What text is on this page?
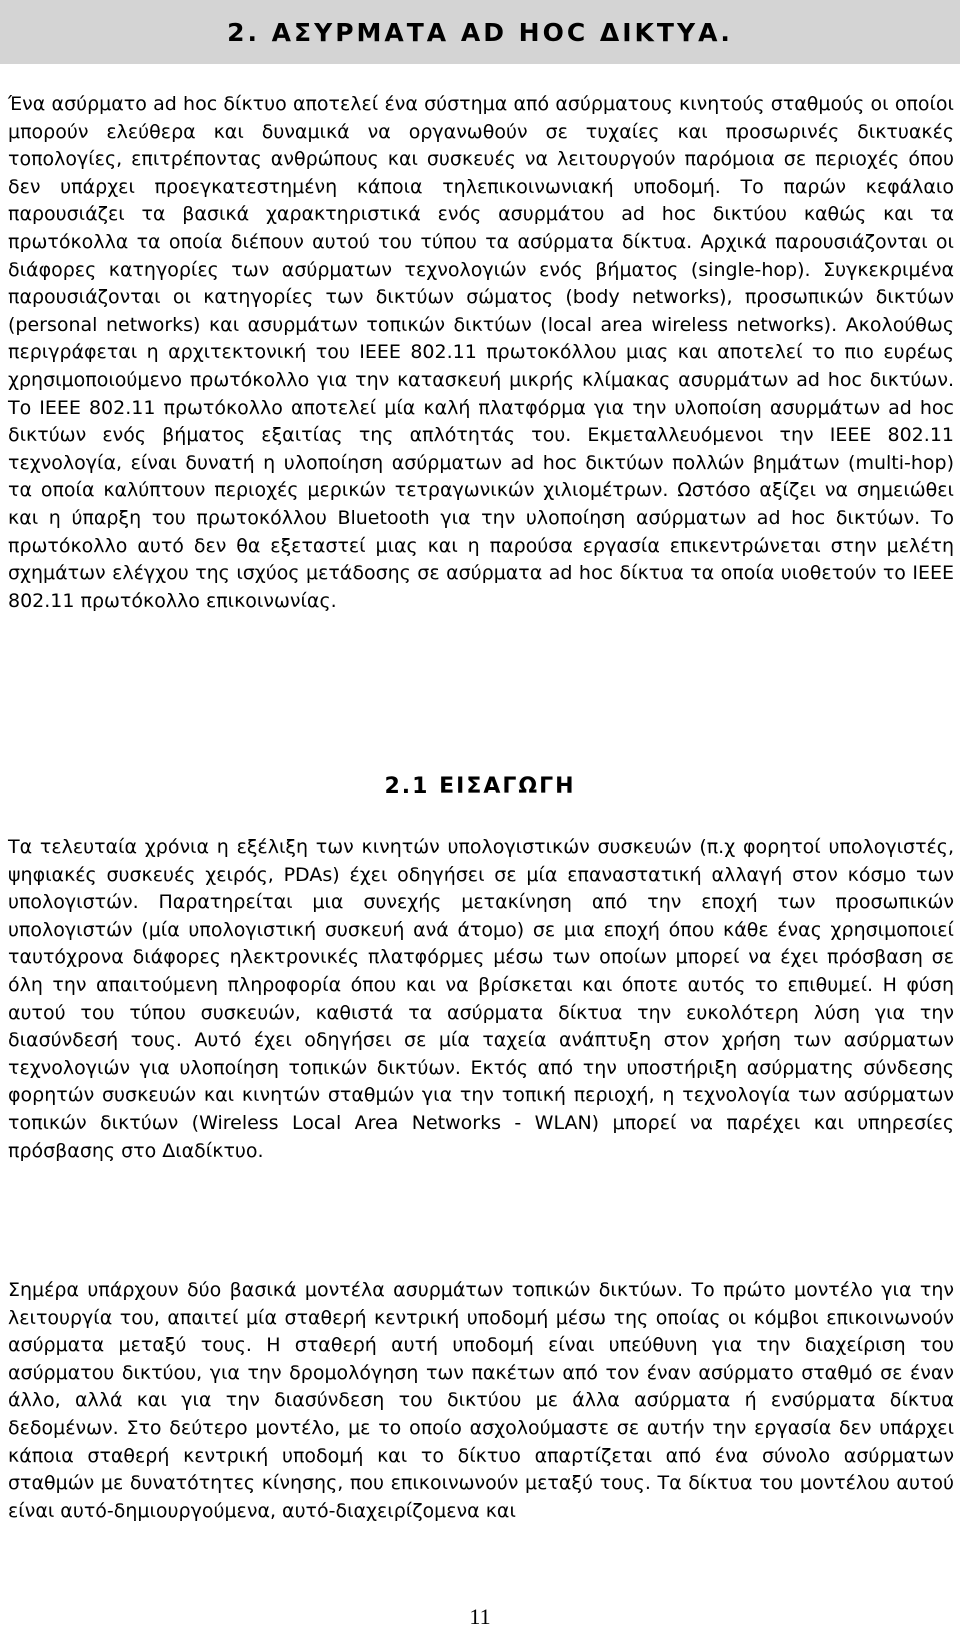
2. ΑΣΥΡΜΑΤΑ AD HOC ΔΙΚΤΥΑ.

Ένα ασύρματο ad hoc δίκτυο αποτελεί ένα σύστημα από ασύρματους κινητούς σταθμούς οι οποίοι μπορούν ελεύθερα και δυναμικά να οργανωθούν σε τυχαίες και προσωρινές δικτυακές τοπολογίες, επιτρέποντας ανθρώπους και συσκευές να λειτουργούν παρόμοια σε περιοχές όπου δεν υπάρχει προεγκατεστημένη κάποια τηλεπικοινωνιακή υποδομή. Το παρών κεφάλαιο παρουσιάζει τα βασικά χαρακτηριστικά ενός ασυρμάτου ad hoc δικτύου καθώς και τα πρωτόκολλα τα οποία διέπουν αυτού του τύπου τα ασύρματα δίκτυα. Αρχικά παρουσιάζονται οι διάφορες κατηγορίες των ασύρματων τεχνολογιών ενός βήματος (single-hop). Συγκεκριμένα παρουσιάζονται οι κατηγορίες των δικτύων σώματος (body networks), προσωπικών δικτύων (personal networks) και ασυρμάτων τοπικών δικτύων (local area wireless networks). Ακολούθως περιγράφεται η αρχιτεκτονική του IEEE 802.11 πρωτοκόλλου μιας και αποτελεί το πιο ευρέως χρησιμοποιούμενο πρωτόκολλο για την κατασκευή μικρής κλίμακας ασυρμάτων ad hoc δικτύων. Το IEEE 802.11 πρωτόκολλο αποτελεί μία καλή πλατφόρμα για την υλοποίση ασυρμάτων ad hoc δικτύων ενός βήματος εξαιτίας της απλότητάς του. Εκμεταλλευόμενοι την IEEE 802.11 τεχνολογία, είναι δυνατή η υλοποίηση ασύρματων ad hoc δικτύων πολλών βημάτων (multi-hop) τα οποία καλύπτουν περιοχές μερικών τετραγωνικών χιλιομέτρων. Ωστόσο αξίζει να σημειώθει και η ύπαρξη του πρωτοκόλλου Bluetooth για την υλοποίηση ασύρματων ad hoc δικτύων. Το πρωτόκολλο αυτό δεν θα εξεταστεί μιας και η παρούσα εργασία επικεντρώνεται στην μελέτη σχημάτων ελέγχου της ισχύος μετάδοσης σε ασύρματα ad hoc δίκτυα τα οποία υιοθετούν το IEEE 802.11 πρωτόκολλο επικοινωνίας.

2.1 ΕΙΣΑΓΩΓΗ

Τα τελευταία χρόνια η εξέλιξη των κινητών υπολογιστικών συσκευών (π.χ φορητοί υπολογιστές, ψηφιακές συσκευές χειρός, PDAs) έχει οδηγήσει σε μία επαναστατική αλλαγή στον κόσμο των υπολογιστών. Παρατηρείται μια συνεχής μετακίνηση από την εποχή των προσωπικών υπολογιστών (μία υπολογιστική συσκευή ανά άτομο) σε μια εποχή όπου κάθε ένας χρησιμοποιεί ταυτόχρονα διάφορες ηλεκτρονικές πλατφόρμες μέσω των οποίων μπορεί να έχει πρόσβαση σε όλη την απαιτούμενη πληροφορία όπου και να βρίσκεται και όποτε αυτός το επιθυμεί. Η φύση αυτού του τύπου συσκευών, καθιστά τα ασύρματα δίκτυα την ευκολότερη λύση για την διασύνδεσή τους. Αυτό έχει οδηγήσει σε μία ταχεία ανάπτυξη στον χρήση των ασύρματων τεχνολογιών για υλοποίηση τοπικών δικτύων. Εκτός από την υποστήριξη ασύρματης σύνδεσης φορητών συσκευών και κινητών σταθμών για την τοπική περιοχή, η τεχνολογία των ασύρματων τοπικών δικτύων (Wireless Local Area Networks - WLAN) μπορεί να παρέχει και υπηρεσίες πρόσβασης στο Διαδίκτυο.

Σημέρα υπάρχουν δύο βασικά μοντέλα ασυρμάτων τοπικών δικτύων. Το πρώτο μοντέλο για την λειτουργία του, απαιτεί μία σταθερή κεντρική υποδομή μέσω της οποίας οι κόμβοι επικοινωνούν ασύρματα μεταξύ τους. Η σταθερή αυτή υποδομή είναι υπεύθυνη για την διαχείριση του ασύρματου δικτύου, για την δρομολόγηση των πακέτων από τον έναν ασύρματο σταθμό σε έναν άλλο, αλλά και για την διασύνδεση του δικτύου με άλλα ασύρματα ή ενσύρματα δίκτυα δεδομένων. Στο δεύτερο μοντέλο, με το οποίο ασχολούμαστε σε αυτήν την εργασία δεν υπάρχει κάποια σταθερή κεντρική υποδομή και το δίκτυο απαρτίζεται από ένα σύνολο ασύρματων σταθμών με δυνατότητες κίνησης, που επικοινωνούν μεταξύ τους. Τα δίκτυα του μοντέλου αυτού είναι αυτό-δημιουργούμενα, αυτό-διαχειρίζομενα και

11
